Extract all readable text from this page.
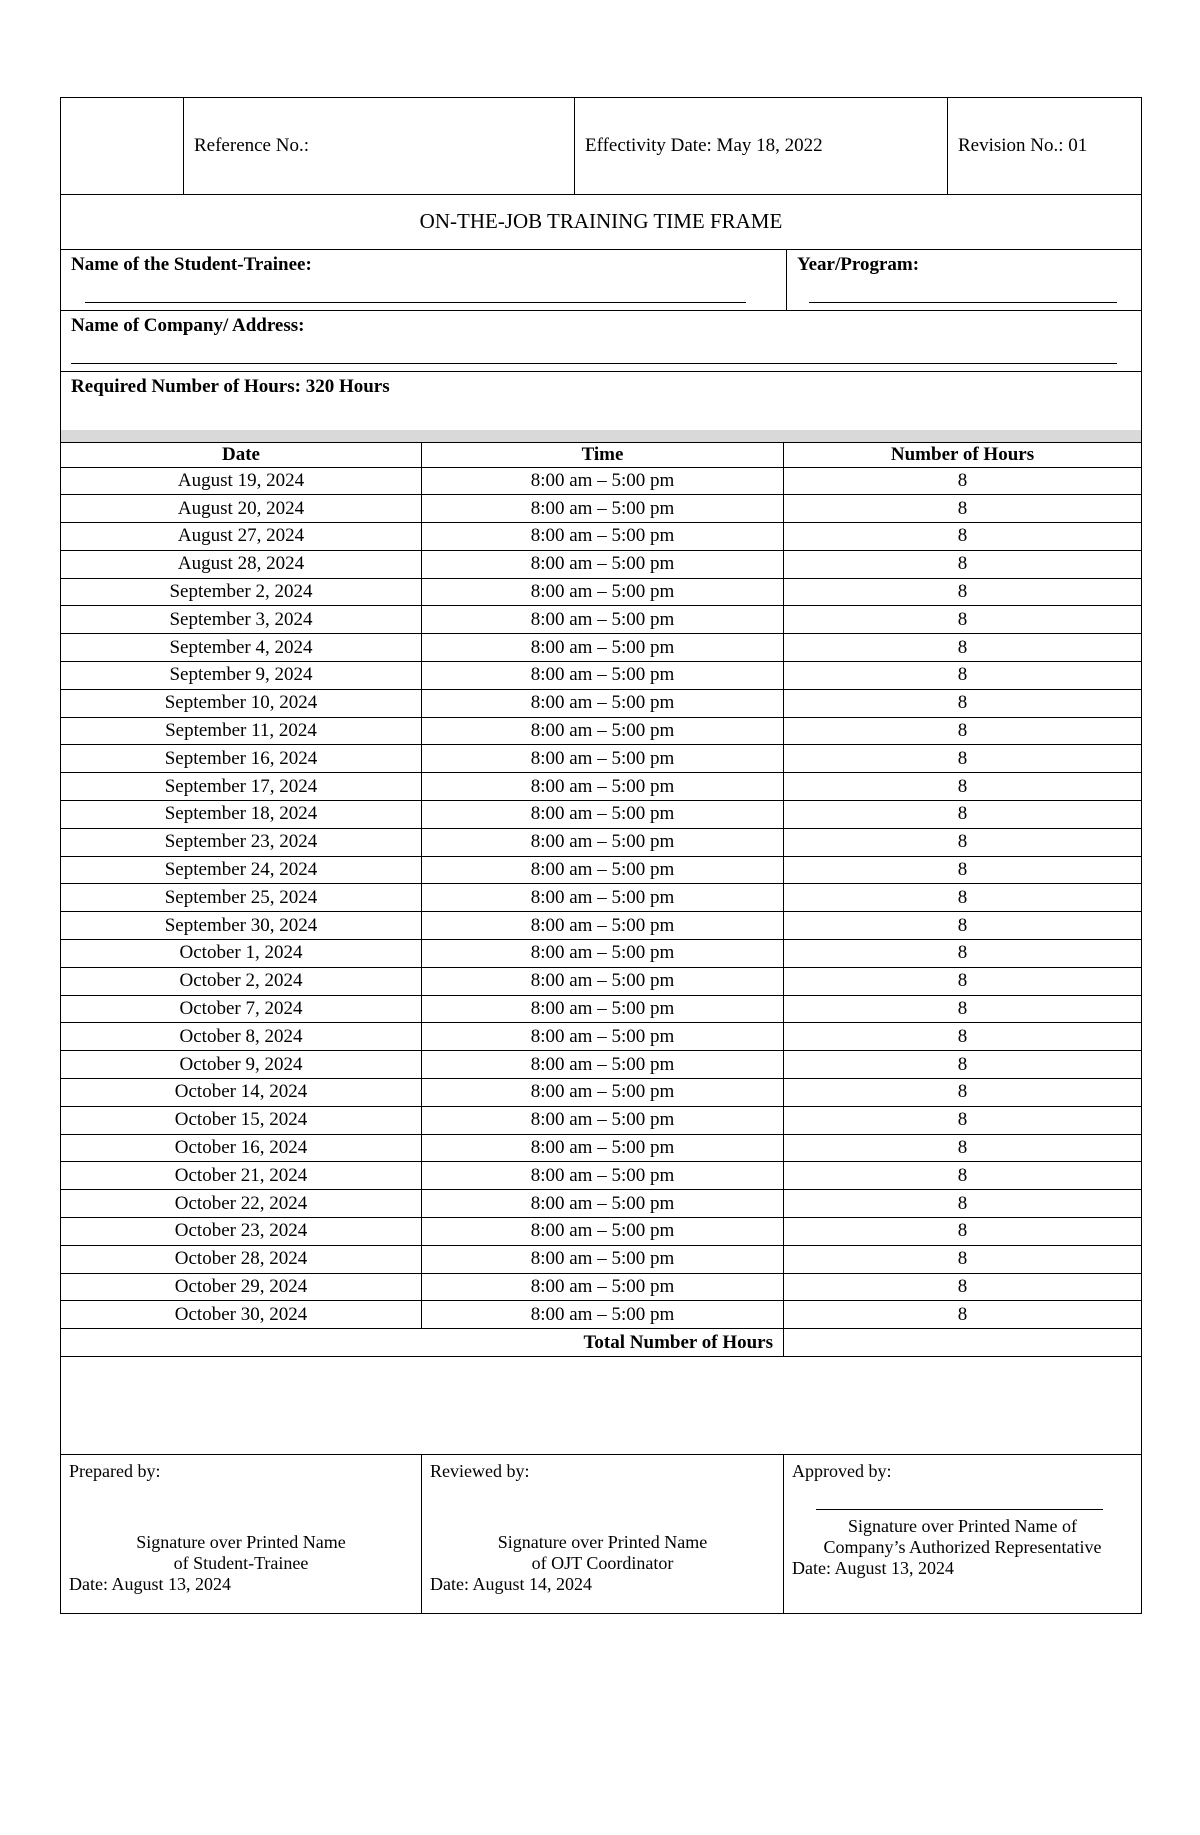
	Reference No.:	Effectivity Date: May 18, 2022	Revision No.: 01
ON-THE-JOB TRAINING TIME FRAME

Name of the Student-Trainee:	Year/Program:

Name of Company/ Address:

Required Number of Hours: 320 Hours
Date	Time	Number of Hours
August 19, 2024	8:00 am – 5:00 pm	8
August 20, 2024	8:00 am – 5:00 pm	8
August 27, 2024	8:00 am – 5:00 pm	8
August 28, 2024	8:00 am – 5:00 pm	8
September 2, 2024	8:00 am – 5:00 pm	8
September 3, 2024	8:00 am – 5:00 pm	8
September 4, 2024	8:00 am – 5:00 pm	8
September 9, 2024	8:00 am – 5:00 pm	8
September 10, 2024	8:00 am – 5:00 pm	8
September 11, 2024	8:00 am – 5:00 pm	8
September 16, 2024	8:00 am – 5:00 pm	8
September 17, 2024	8:00 am – 5:00 pm	8
September 18, 2024	8:00 am – 5:00 pm	8
September 23, 2024	8:00 am – 5:00 pm	8
September 24, 2024	8:00 am – 5:00 pm	8
September 25, 2024	8:00 am – 5:00 pm	8
September 30, 2024	8:00 am – 5:00 pm	8
October 1, 2024	8:00 am – 5:00 pm	8
October 2, 2024	8:00 am – 5:00 pm	8
October 7, 2024	8:00 am – 5:00 pm	8
October 8, 2024	8:00 am – 5:00 pm	8
October 9, 2024	8:00 am – 5:00 pm	8
October 14, 2024	8:00 am – 5:00 pm	8
October 15, 2024	8:00 am – 5:00 pm	8
October 16, 2024	8:00 am – 5:00 pm	8
October 21, 2024	8:00 am – 5:00 pm	8
October 22, 2024	8:00 am – 5:00 pm	8
October 23, 2024	8:00 am – 5:00 pm	8
October 28, 2024	8:00 am – 5:00 pm	8
October 29, 2024	8:00 am – 5:00 pm	8
October 30, 2024	8:00 am – 5:00 pm	8
Total Number of Hours		
Prepared by:
Signature over Printed Name
of Student-Trainee
Date: August 13, 2024

Reviewed by:
Signature over Printed Name
of OJT Coordinator
Date: August 14, 2024

Approved by:
Signature over Printed Name of
Company’s Authorized Representative
Date: August 13, 2024
